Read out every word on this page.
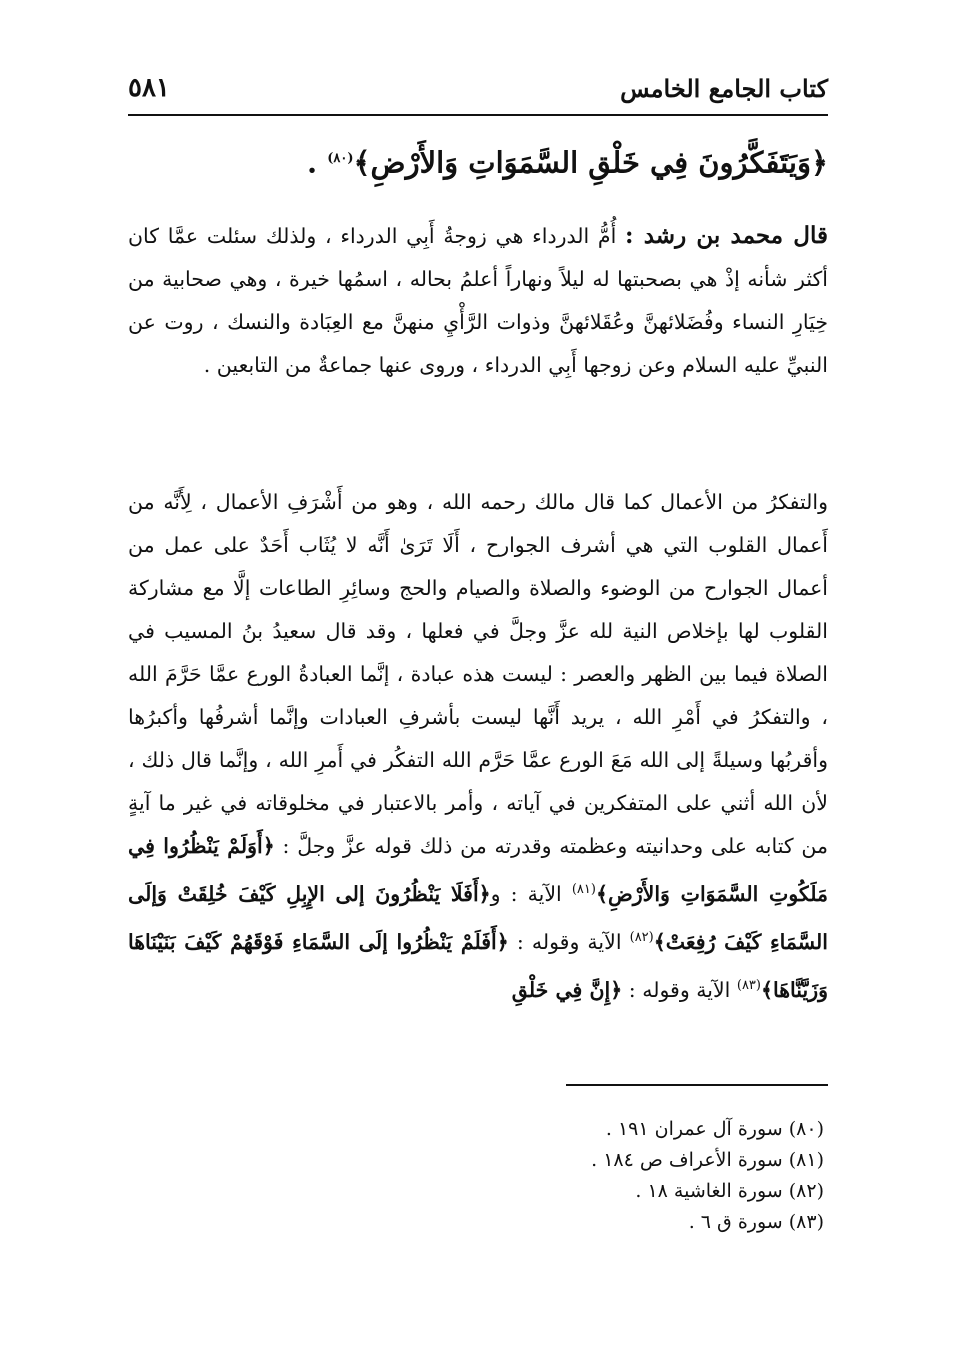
٥٨١	كتاب الجامع الخامس
﴿وَيَتَفَكَّرُونَ فِي خَلْقِ السَّمَوَاتِ وَالأَرْضِ﴾$^{(٨٠)}$ .
قال محمد بن رشد : أُمُّ الدرداء هي زوجةُ أَبِي الدرداء ، ولذلك سئلت عمَّا كان أكثر شأنه إذْ هي بصحبتها له ليلاً ونهاراً أعلمُ بحاله ، اسمُها خيرة ، وهي صحابية من خِيَارِ النساء وفُضَلائهنَّ وعُقَلائهنَّ وذوات الرَّأْيِ منهنَّ مع العِبَادة والنسك ، روت عن النبيِّ عليه السلام وعن زوجها أَبِي الدرداء ، وروى عنها جماعةٌ من التابعين .
والتفكرُ من الأعمال كما قال مالك رحمه الله ، وهو من أَشْرَفِ الأعمال ، لِأَنَّه من أَعمال القلوب التي هي أشرف الجوارح ، أَلَا تَرَىٰ أَنَّه لا يُثَاب أَحَدٌ على عمل من أعمال الجوارح من الوضوء والصلاة والصيام والحج وسائِرِ الطاعات إلَّا مع مشاركة القلوب لها بإخلاص النية لله عزَّ وجلَّ في فعلها ، وقد قال سعيدُ بنُ المسيب في الصلاة فيما بين الظهر والعصر : ليست هذه عبادة ، إنَّما العبادةُ الورع عمَّا حَرَّمَ الله ، والتفكرُ في أَمْرِ الله ، يريد أَنَّها ليست بأشرفِ العبادات وإنَّما أشرفُها وأكبرُها وأقربُها وسيلةً إلى الله مَعَ الورع عمَّا حَرَّم الله التفكُر في أَمرِ الله ، وإنَّما قال ذلك ، لأن الله أثني على المتفكرين في آياته ، وأمر بالاعتبار في مخلوقاته في غير ما آيةٍ من كتابه على وحدانيته وعظمته وقدرته من ذلك قوله عزَّ وجلَّ : ﴿أَوَلَمْ يَنْظُرُوا فِي مَلَكُوتِ السَّمَوَاتِ وَالأَرْضِ﴾$^{(٨١)}$ الآية : و﴿أَفَلَا يَنْظُرُونَ إلى الإِبِلِ كَيْفَ خُلِقَتْ وَإلَى السَّمَاءِ كَيْفَ رُفِعَتْ﴾$^{(٨٢)}$ الآية وقوله : ﴿أَفَلَمْ يَنْظُرُوا إلَى السَّمَاءِ فَوْقَهُمْ كَيْفَ بَنَيْنَاهَا وَزَيَّنَّاهَا﴾$^{(٨٣)}$ الآية وقوله : ﴿إِنَّ فِي خَلْقِ
(٨٠) سورة آل عمران ١٩١ .
(٨١) سورة الأعراف ص ١٨٤ .
(٨٢) سورة الغاشية ١٨ .
(٨٣) سورة ق ٦ .
